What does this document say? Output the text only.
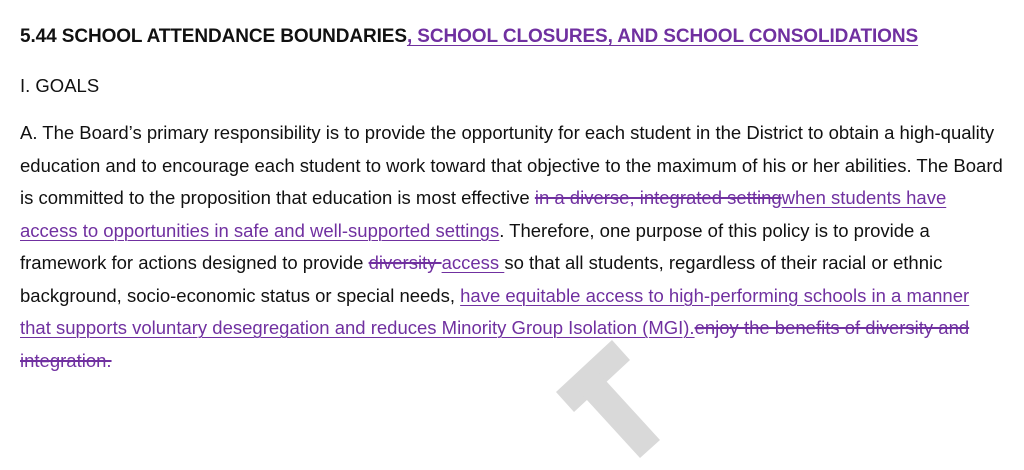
5.44 SCHOOL ATTENDANCE BOUNDARIES, SCHOOL CLOSURES, AND SCHOOL CONSOLIDATIONS
I. GOALS
A. The Board’s primary responsibility is to provide the opportunity for each student in the District to obtain a high-quality education and to encourage each student to work toward that objective to the maximum of his or her abilities. The Board is committed to the proposition that education is most effective in a diverse, integrated settingwhen students have access to opportunities in safe and well-supported settings. Therefore, one purpose of this policy is to provide a framework for actions designed to provide diversity access so that all students, regardless of their racial or ethnic background, socio-economic status or special needs, have equitable access to high-performing schools in a manner that supports voluntary desegregation and reduces Minority Group Isolation (MGI).enjoy the benefits of diversity and integration.
